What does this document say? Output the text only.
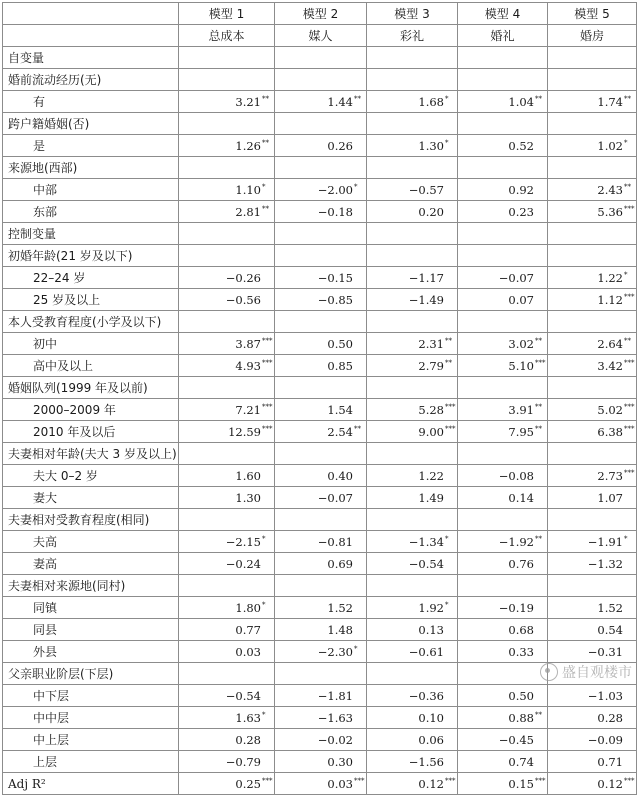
	模型 1	模型 2	模型 3	模型 4	模型 5
	总成本	媒人	彩礼	婚礼	婚房
自变量					
婚前流动经历(无)					
有	3.21**	1.44**	1.68*	1.04**	1.74**
跨户籍婚姻(否)					
是	1.26**	0.26	1.30*	0.52	1.02*
来源地(西部)					
中部	1.10*	−2.00*	−0.57	0.92	2.43**
东部	2.81**	−0.18	0.20	0.23	5.36***
控制变量					
初婚年龄(21 岁及以下)					
22–24 岁	−0.26	−0.15	−1.17	−0.07	1.22*
25 岁及以上	−0.56	−0.85	−1.49	0.07	1.12***
本人受教育程度(小学及以下)					
初中	3.87***	0.50	2.31**	3.02**	2.64**
高中及以上	4.93***	0.85	2.79**	5.10***	3.42***
婚姻队列(1999 年及以前)					
2000–2009 年	7.21***	1.54	5.28***	3.91**	5.02***
2010 年及以后	12.59***	2.54**	9.00***	7.95**	6.38***
夫妻相对年龄(夫大 3 岁及以上)					
夫大 0–2 岁	1.60	0.40	1.22	−0.08	2.73***
妻大	1.30	−0.07	1.49	0.14	1.07
夫妻相对受教育程度(相同)					
夫高	−2.15*	−0.81	−1.34*	−1.92**	−1.91*
妻高	−0.24	0.69	−0.54	0.76	−1.32
夫妻相对来源地(同村)					
同镇	1.80*	1.52	1.92*	−0.19	1.52
同县	0.77	1.48	0.13	0.68	0.54
外县	0.03	−2.30*	−0.61	0.33	−0.31
父亲职业阶层(下层)					
中下层	−0.54	−1.81	−0.36	0.50	−1.03
中中层	1.63*	−1.63	0.10	0.88**	0.28
中上层	0.28	−0.02	0.06	−0.45	−0.09
上层	−0.79	0.30	−1.56	0.74	0.71
Adj R²	0.25***	0.03***	0.12***	0.15***	0.12***
盛自观楼市
